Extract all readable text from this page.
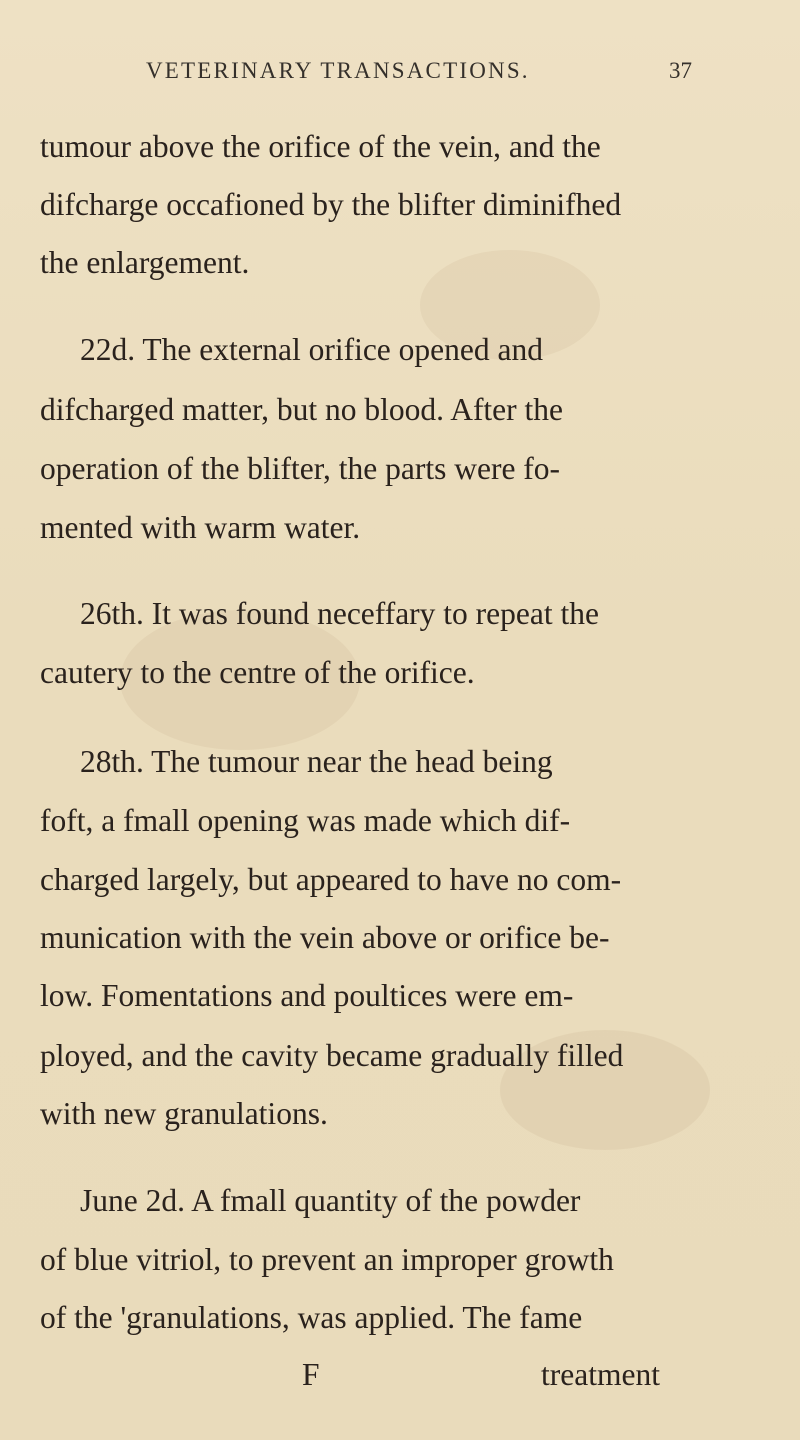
VETERINARY TRANSACTIONS.	37
tumour above the orifice of the vein, and the
difcharge occafioned by the blifter diminifhed
the enlargement.
22d. The external orifice opened and
difcharged matter, but no blood. After the
operation of the blifter, the parts were fo-
mented with warm water.
26th. It was found neceffary to repeat the
cautery to the centre of the orifice.
28th. The tumour near the head being
foft, a fmall opening was made which dif-
charged largely, but appeared to have no com-
munication with the vein above or orifice be-
low. Fomentations and poultices were em-
ployed, and the cavity became gradually filled
with new granulations.
June 2d. A fmall quantity of the powder
of blue vitriol, to prevent an improper growth
of the 'granulations, was applied. The fame
F	treatment
